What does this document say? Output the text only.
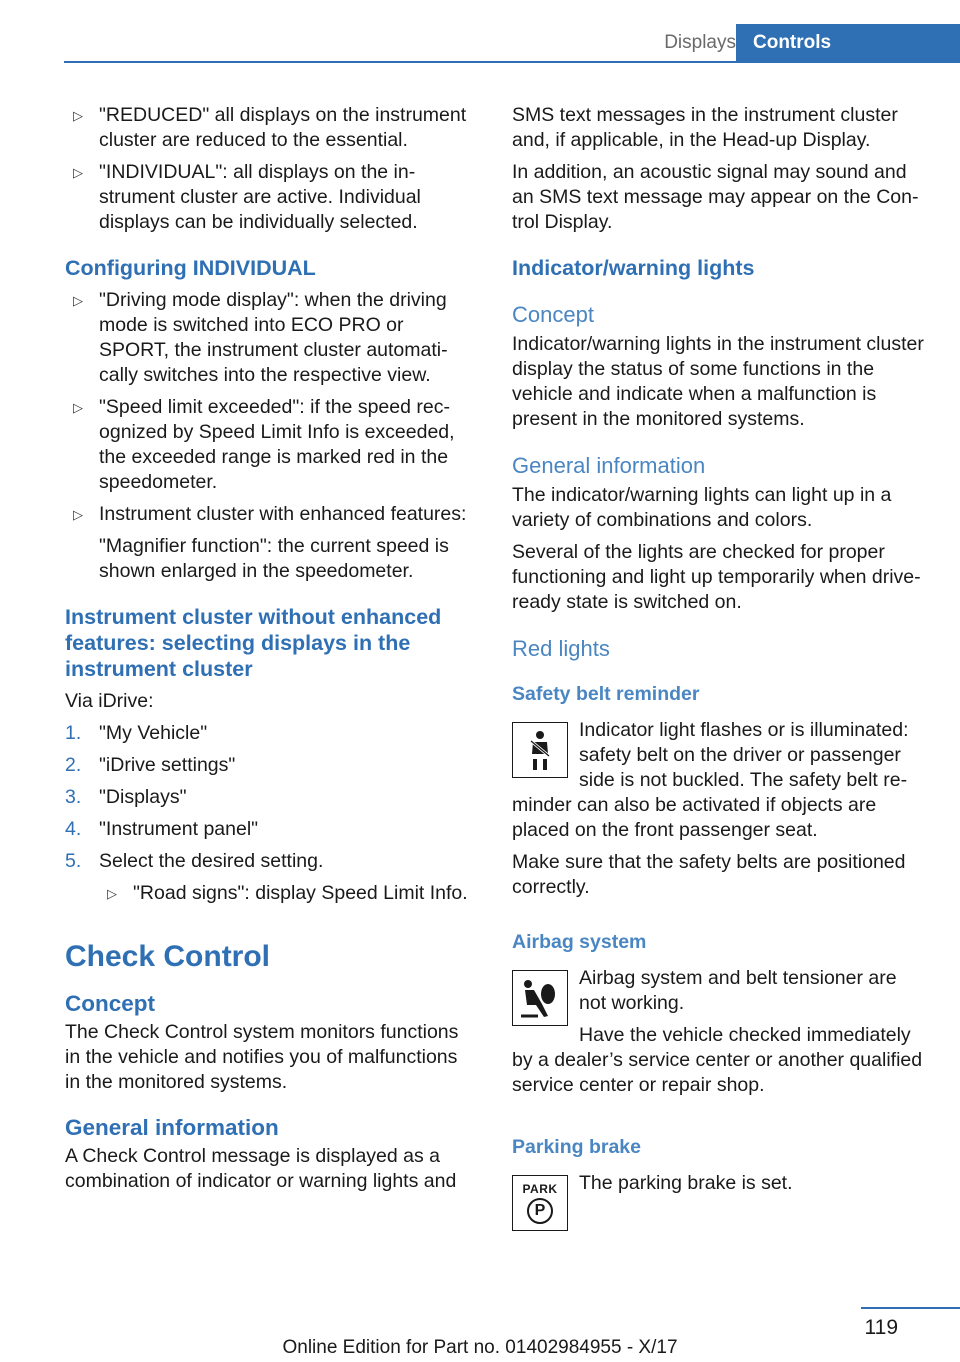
Displays Controls
▷ "REDUCED" all displays on the instrument cluster are reduced to the essential.
▷ "INDIVIDUAL": all displays on the instrument cluster are active. Individual displays can be individually selected.
Configuring INDIVIDUAL
▷ "Driving mode display": when the driving mode is switched into ECO PRO or SPORT, the instrument cluster automatically switches into the respective view.
▷ "Speed limit exceeded": if the speed recognized by Speed Limit Info is exceeded, the exceeded range is marked red in the speedometer.
▷ Instrument cluster with enhanced features:
"Magnifier function": the current speed is shown enlarged in the speedometer.
Instrument cluster without enhanced features: selecting displays in the instrument cluster

Via iDrive:

1. "My Vehicle"
2. "iDrive settings"
3. "Displays"
4. "Instrument panel"
5. Select the desired setting.
▷ "Road signs": display Speed Limit Info.
Check Control
Concept

The Check Control system monitors functions in the vehicle and notifies you of malfunctions in the monitored systems.

General information

A Check Control message is displayed as a combination of indicator or warning lights and

SMS text messages in the instrument cluster and, if applicable, in the Head-up Display.

In addition, an acoustic signal may sound and an SMS text message may appear on the Control Display.

Indicator/warning lights
Concept

Indicator/warning lights in the instrument cluster display the status of some functions in the vehicle and indicate when a malfunction is present in the monitored systems.

General information

The indicator/warning lights can light up in a variety of combinations and colors.

Several of the lights are checked for proper functioning and light up temporarily when drive-ready state is switched on.

Red lights
Safety belt reminder

Indicator light flashes or is illuminated: safety belt on the driver or passenger side is not buckled. The safety belt reminder can also be activated if objects are placed on the front passenger seat.

Make sure that the safety belts are positioned correctly.

Airbag system

Airbag system and belt tensioner are not working.

Have the vehicle checked immediately by a dealer’s service center or another qualified service center or repair shop.

Parking brake
PARK
P

The parking brake is set.

119
Online Edition for Part no. 01402984955 - X/17
